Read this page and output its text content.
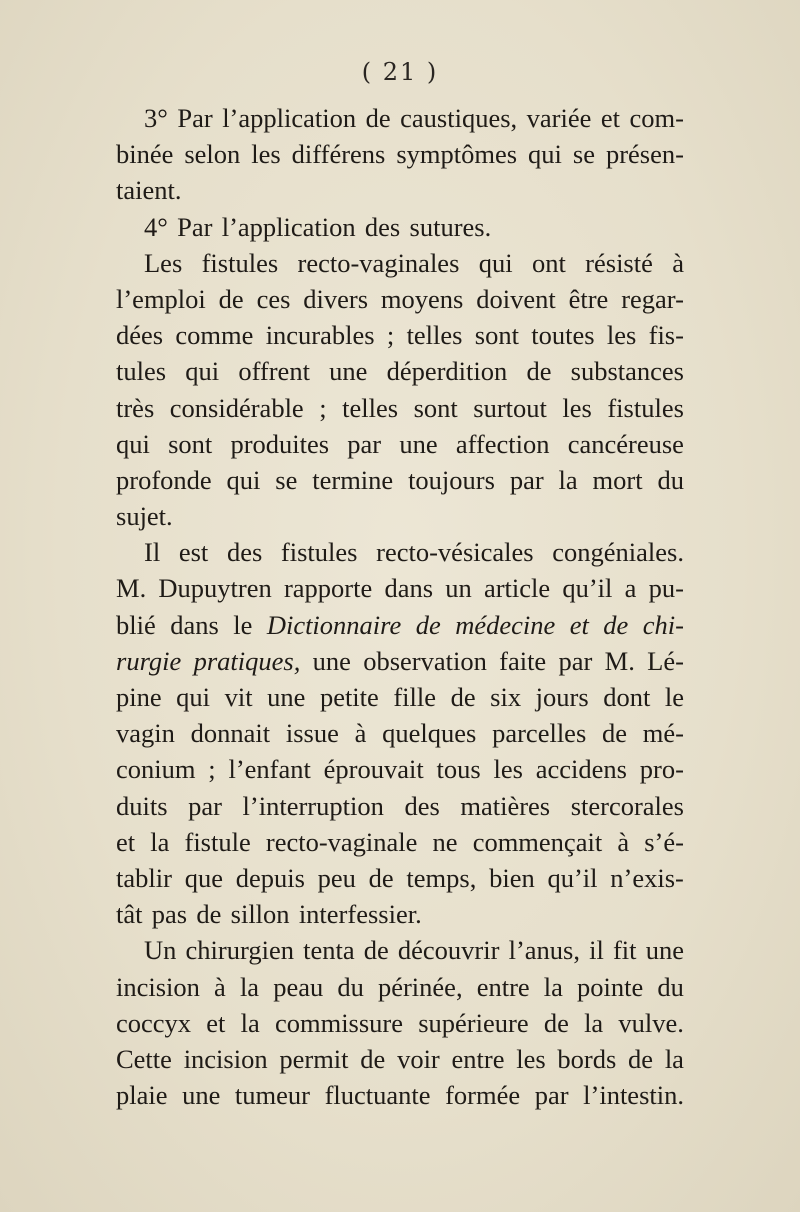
( 21 )
3° Par l’application de caustiques, variée et com-
binée selon les différens symptômes qui se présen-
taient.
4° Par l’application des sutures.
Les fistules recto-vaginales qui ont résisté à
l’emploi de ces divers moyens doivent être regar-
dées comme incurables ; telles sont toutes les fis-
tules qui offrent une déperdition de substances
très considérable ; telles sont surtout les fistules
qui sont produites par une affection cancéreuse
profonde qui se termine toujours par la mort du
sujet.
Il est des fistules recto-vésicales congéniales.
M. Dupuytren rapporte dans un article qu’il a pu-
blié dans le Dictionnaire de médecine et de chi-
rurgie pratiques, une observation faite par M. Lé-
pine qui vit une petite fille de six jours dont le
vagin donnait issue à quelques parcelles de mé-
conium ; l’enfant éprouvait tous les accidens pro-
duits par l’interruption des matières stercorales
et la fistule recto-vaginale ne commençait à s’é-
tablir que depuis peu de temps, bien qu’il n’exis-
tât pas de sillon interfessier.
Un chirurgien tenta de découvrir l’anus, il fit une
incision à la peau du périnée, entre la pointe du
coccyx et la commissure supérieure de la vulve.
Cette incision permit de voir entre les bords de la
plaie une tumeur fluctuante formée par l’intestin.
